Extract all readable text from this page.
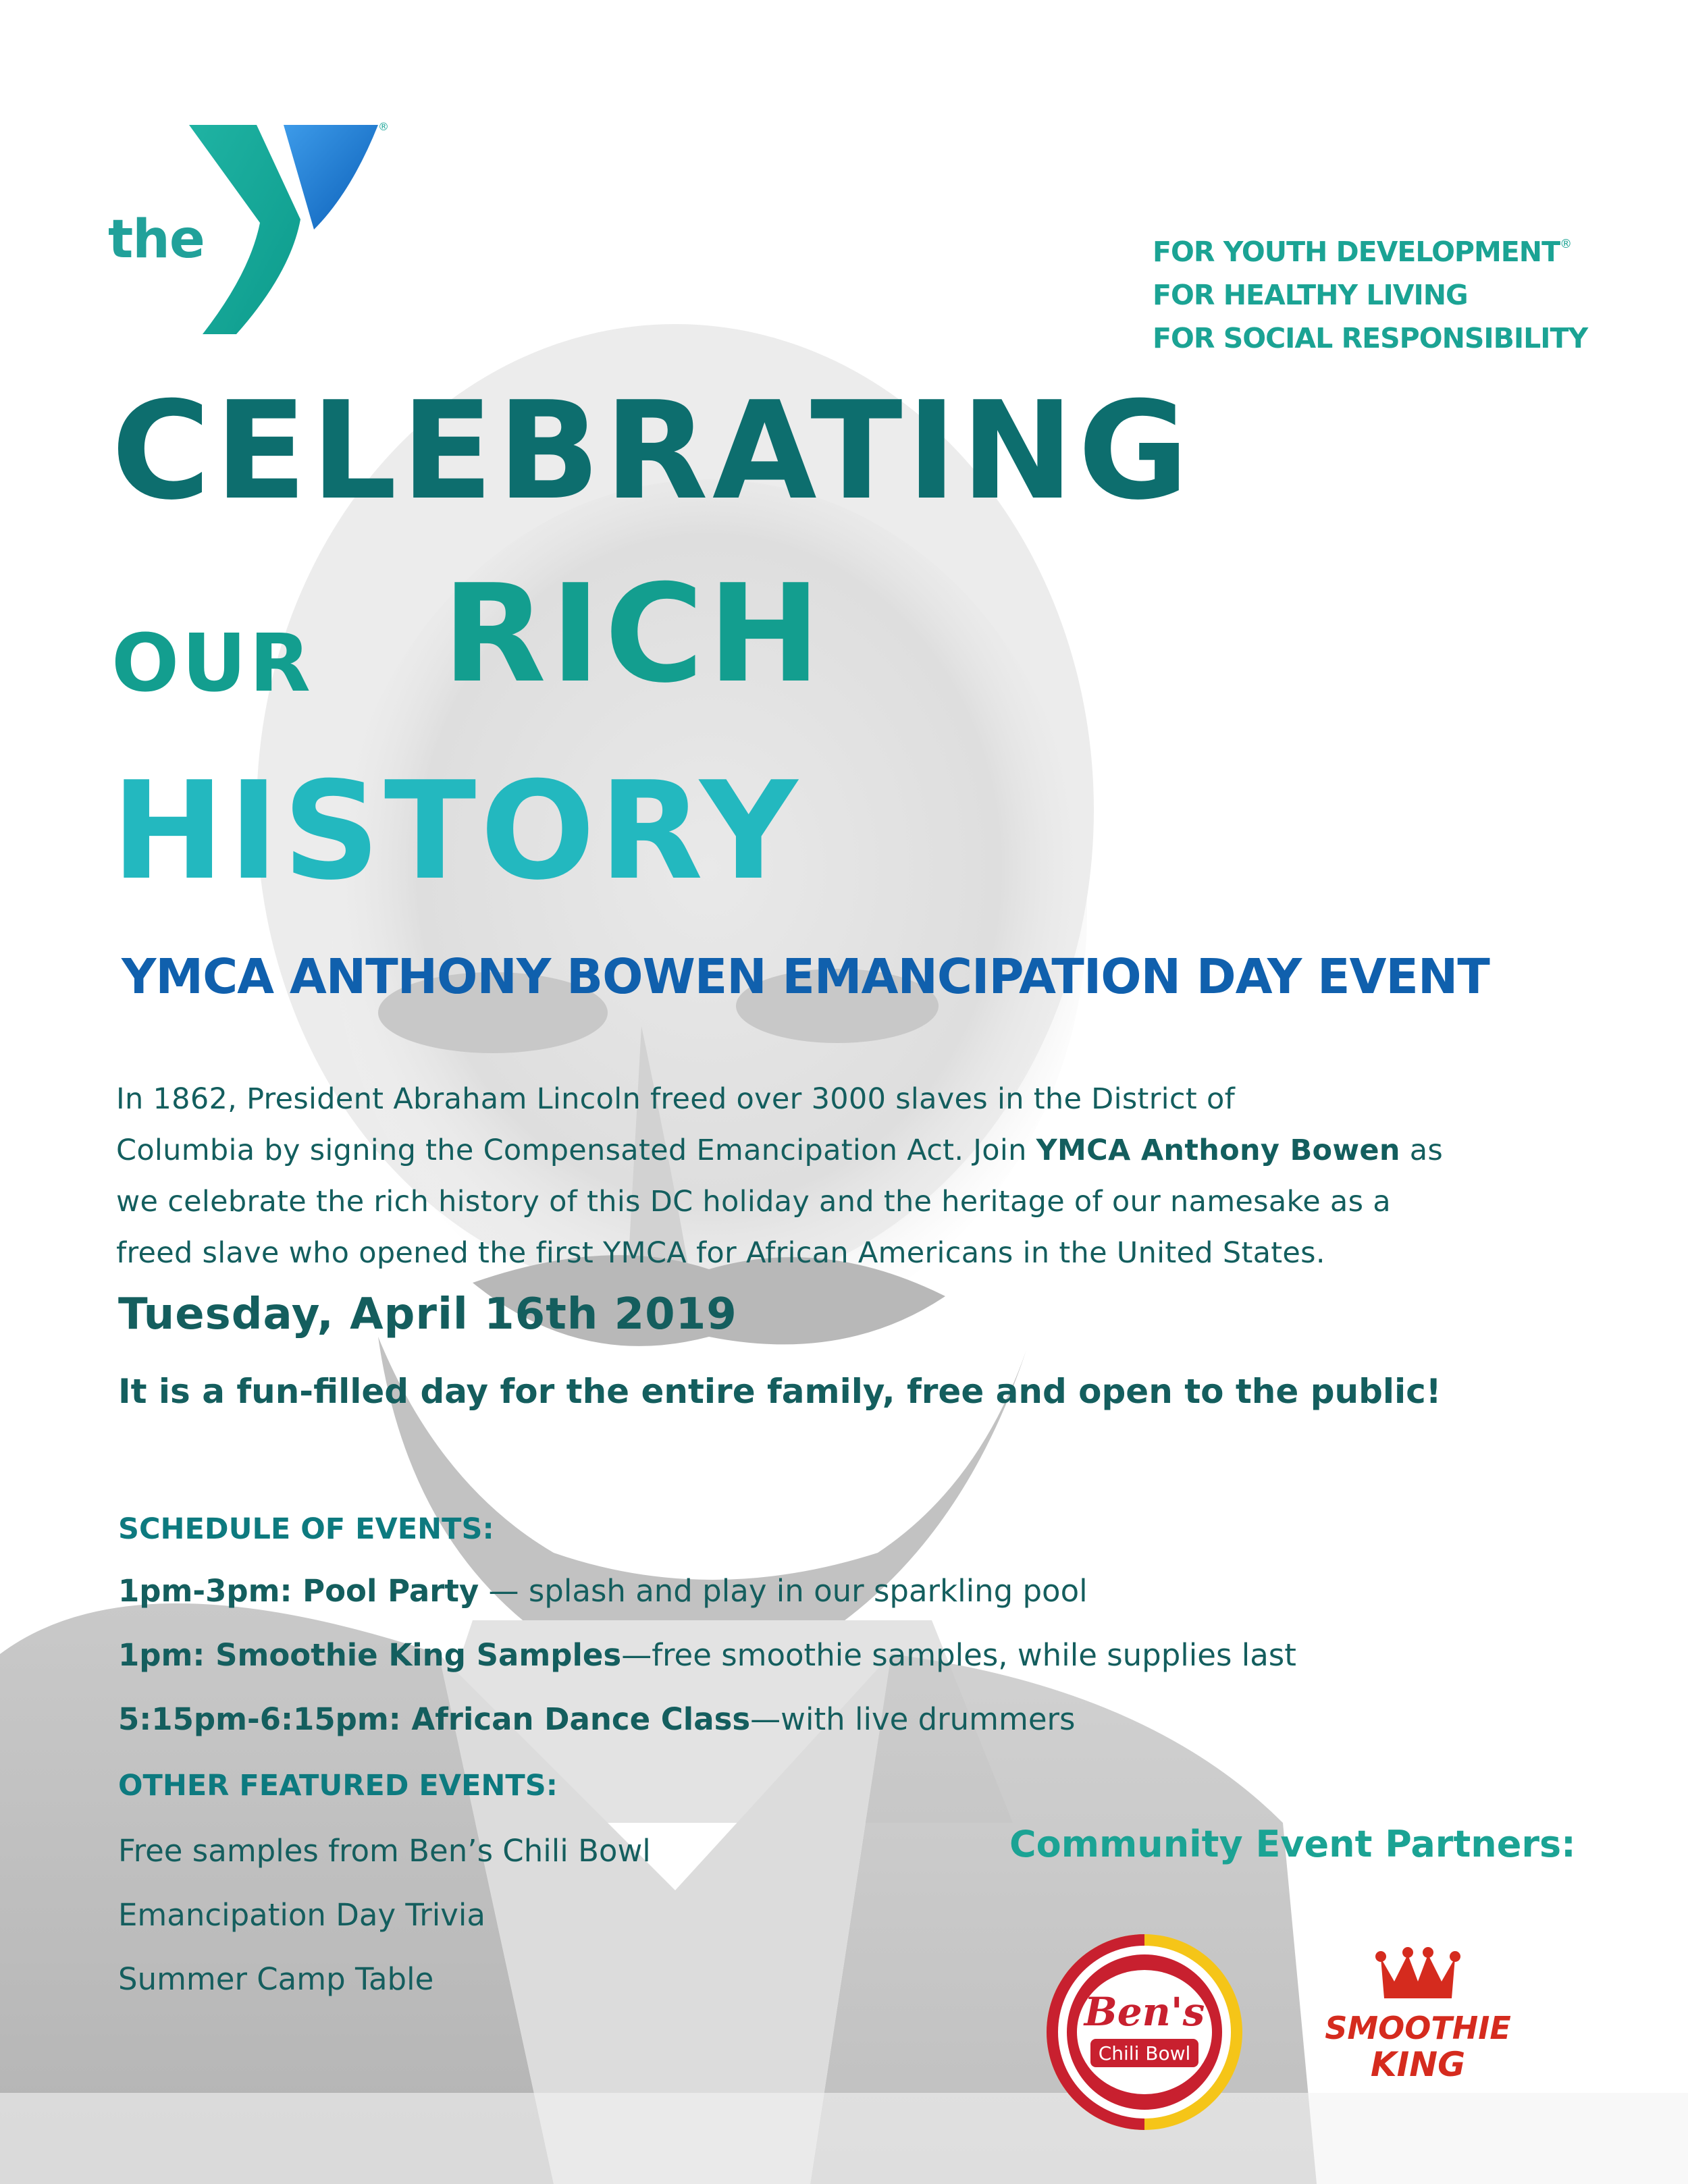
the
YMCA
®
FOR YOUTH DEVELOPMENT®
FOR HEALTHY LIVING
FOR SOCIAL RESPONSIBILITY
CELEBRATING
OUR RICH
HISTORY
YMCA ANTHONY BOWEN EMANCIPATION DAY EVENT
In 1862, President Abraham Lincoln freed over 3000 slaves in the District of
Columbia by signing the Compensated Emancipation Act. Join YMCA Anthony Bowen as
we celebrate the rich history of this DC holiday and the heritage of our namesake as a
freed slave who opened the first YMCA for African Americans in the United States.
Tuesday, April 16th 2019
It is a fun-filled day for the entire family, free and open to the public!
SCHEDULE OF EVENTS:
1pm-3pm: Pool Party — splash and play in our sparkling pool
1pm: Smoothie King Samples—free smoothie samples, while supplies last
5:15pm-6:15pm: African Dance Class—with live drummers
OTHER FEATURED EVENTS:
Free samples from Ben’s Chili Bowl
Emancipation Day Trivia
Summer Camp Table
Community Event Partners:
Ben's
Chili Bowl
SMOOTHIE
KING
